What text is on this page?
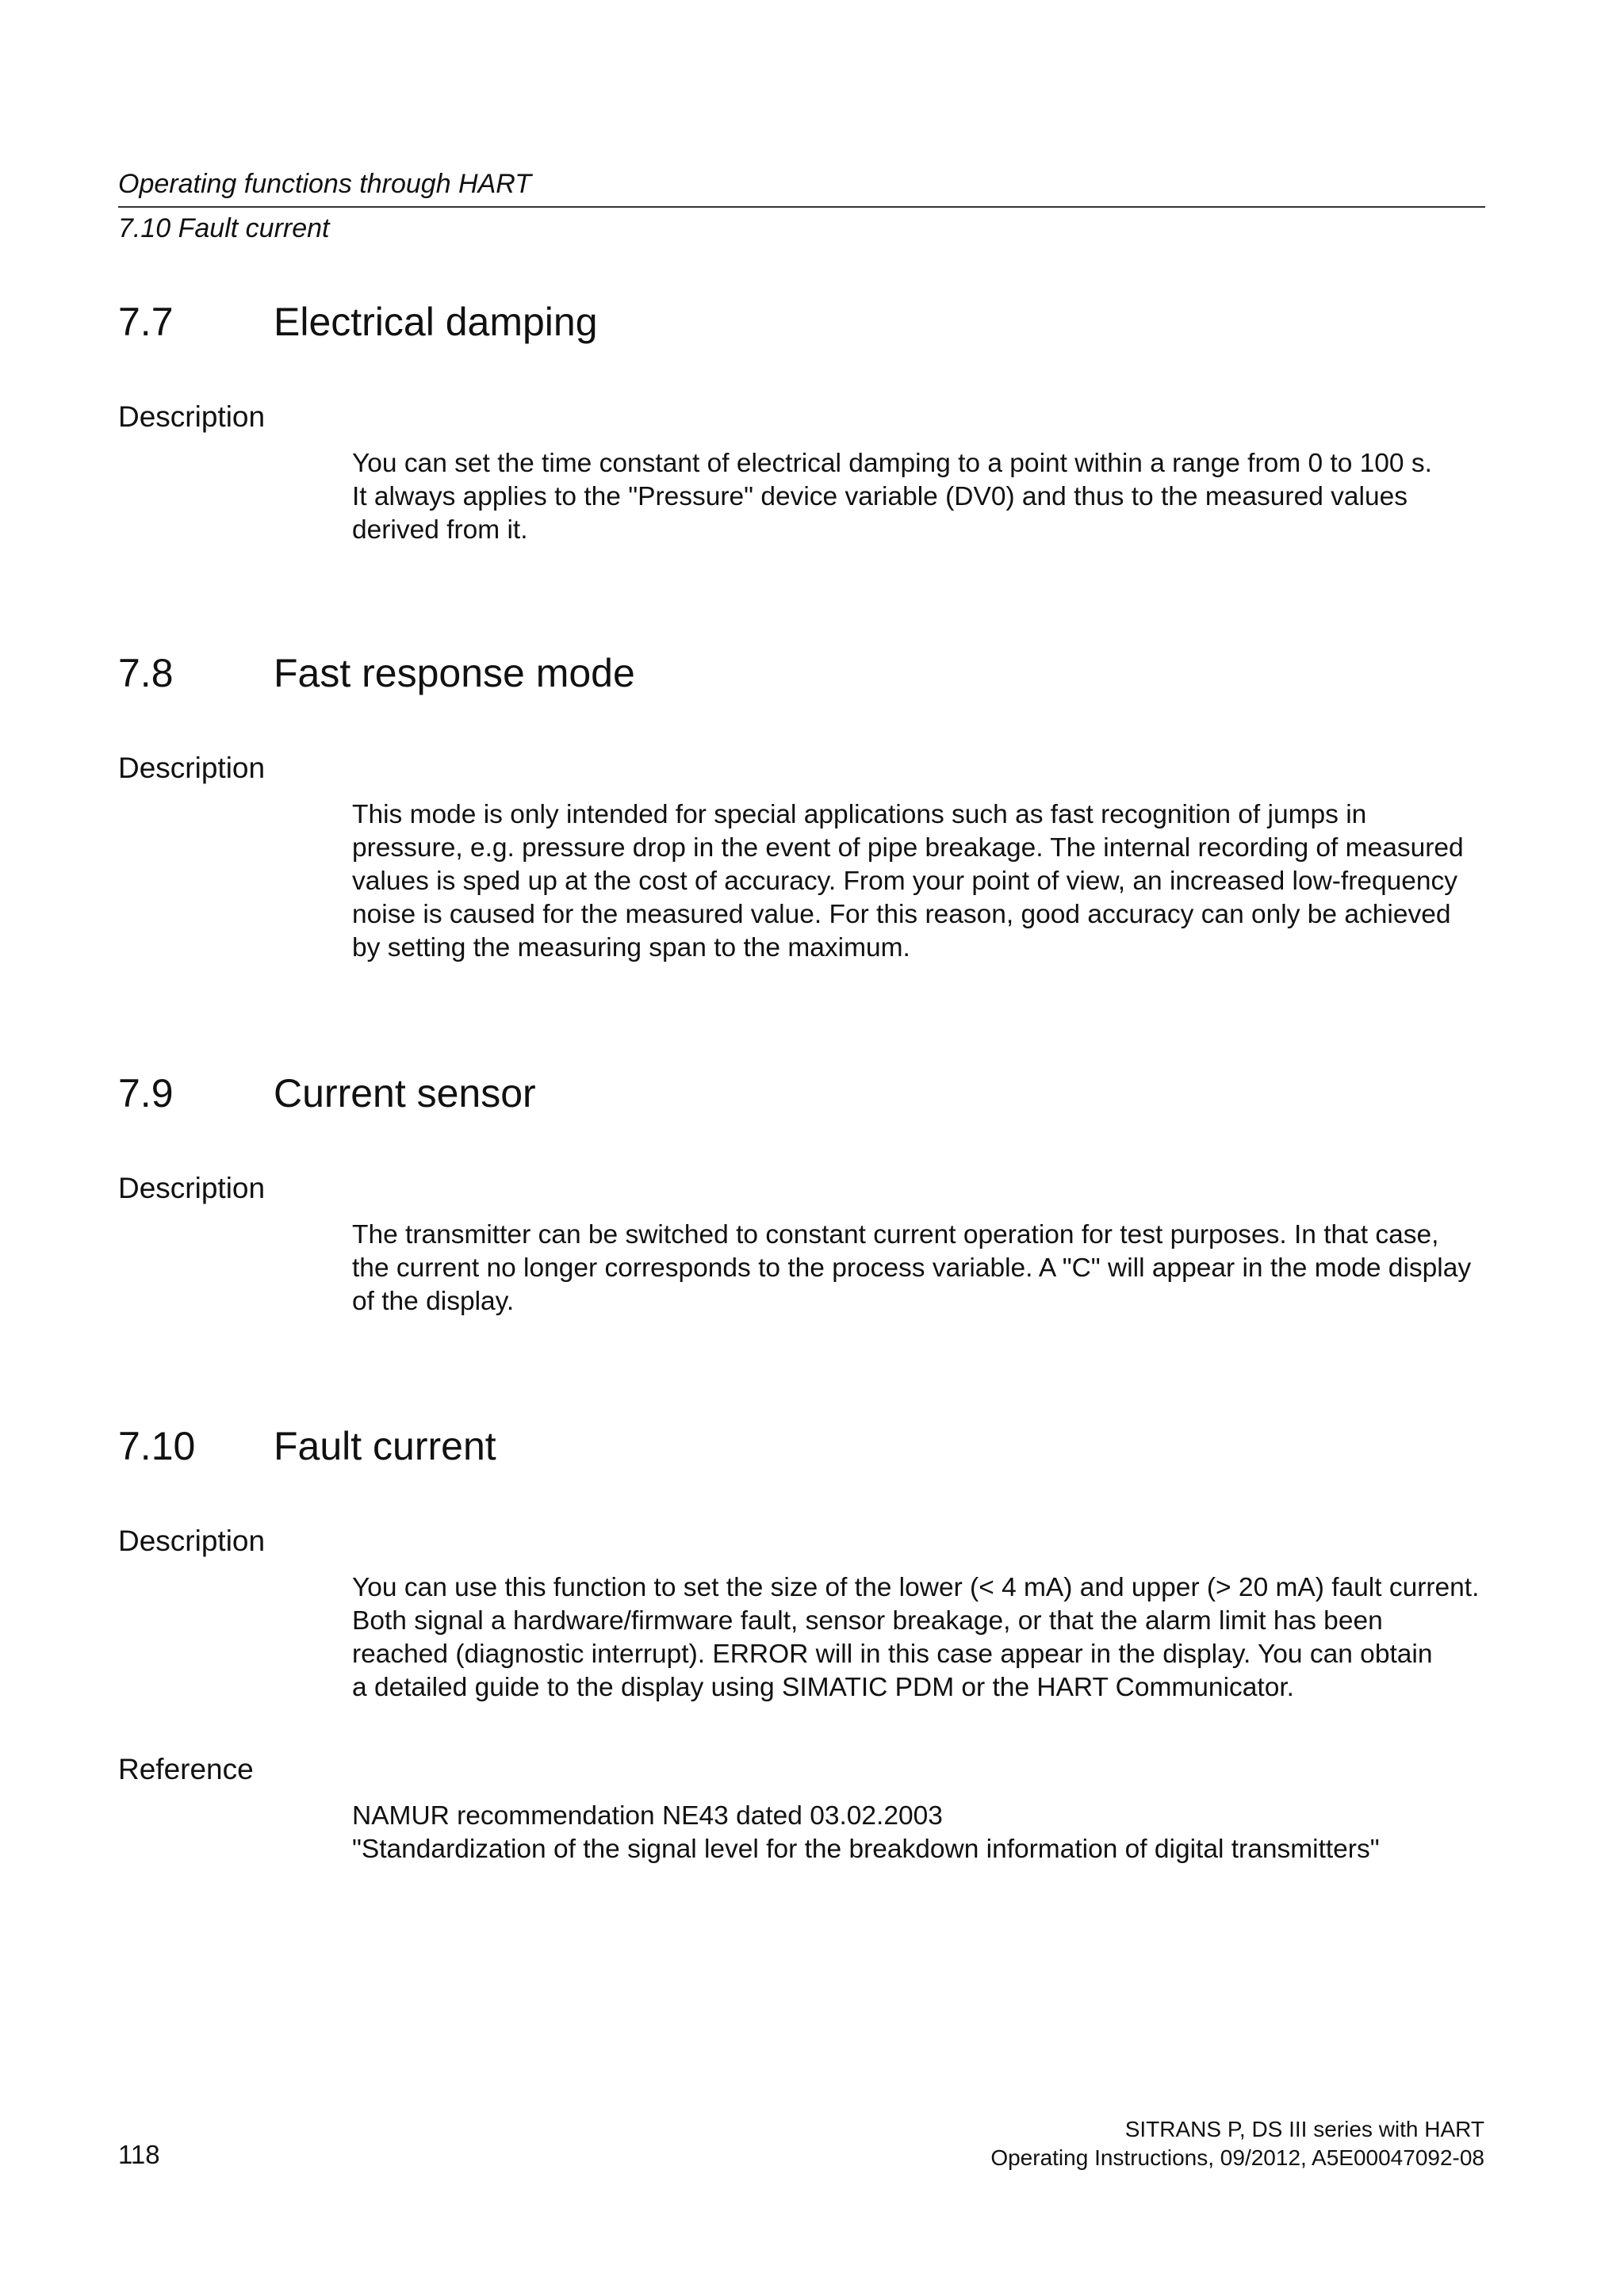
Operating functions through HART
7.10 Fault current
7.7	Electrical damping
Description
You can set the time constant of electrical damping to a point within a range from 0 to 100 s.
It always applies to the "Pressure" device variable (DV0) and thus to the measured values
derived from it.
7.8	Fast response mode
Description
This mode is only intended for special applications such as fast recognition of jumps in
pressure, e.g. pressure drop in the event of pipe breakage. The internal recording of measured
values is sped up at the cost of accuracy. From your point of view, an increased low-frequency
noise is caused for the measured value. For this reason, good accuracy can only be achieved
by setting the measuring span to the maximum.
7.9	Current sensor
Description
The transmitter can be switched to constant current operation for test purposes. In that case,
the current no longer corresponds to the process variable. A "C" will appear in the mode display
of the display.
7.10 Fault current
Description
You can use this function to set the size of the lower (< 4 mA) and upper (> 20 mA) fault current.
Both signal a hardware/firmware fault, sensor breakage, or that the alarm limit has been
reached (diagnostic interrupt). ERROR will in this case appear in the display. You can obtain
a detailed guide to the display using SIMATIC PDM or the HART Communicator.
Reference
NAMUR recommendation NE43 dated 03.02.2003
"Standardization of the signal level for the breakdown information of digital transmitters"
118
SITRANS P, DS III series with HART
Operating Instructions, 09/2012, A5E00047092-08
